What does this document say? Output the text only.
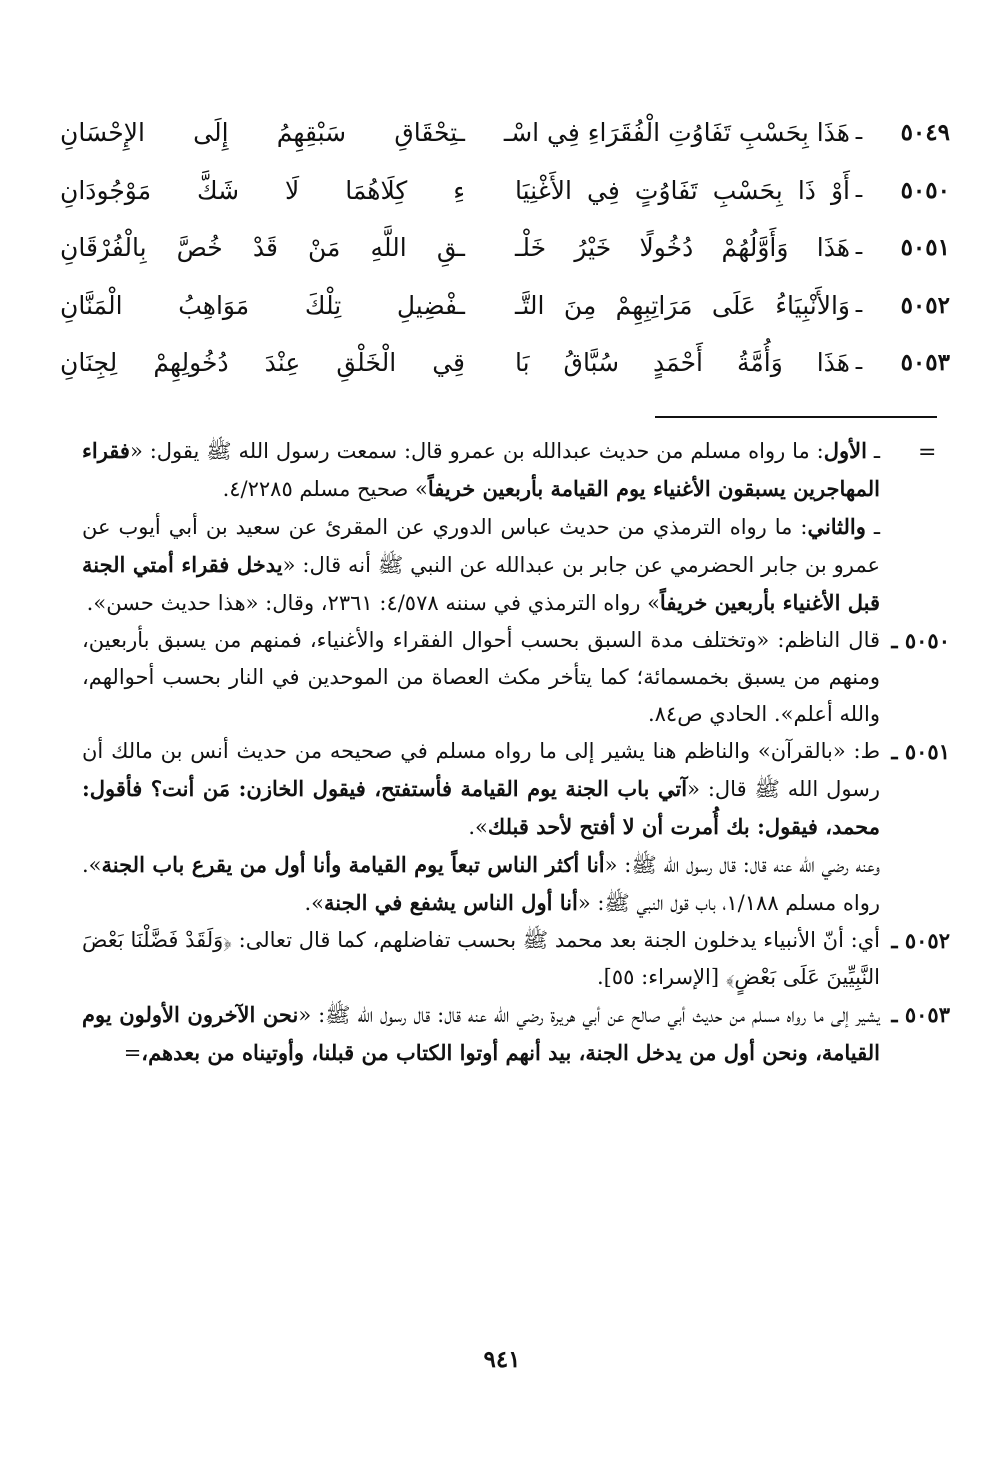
٥٠٤٩
ـ
هَذَا بِحَسْبِ تَفَاوُتِ الْفُقَرَاءِ فِي اسْـ
ـتِحْقَاقِ سَبْقِهِمُ إِلَى الإِحْسَانِ
٥٠٥٠
ـ
أَوْ ذَا بِحَسْبِ تَفَاوُتٍ فِي الأَغْنِيَا
ءِ كِلَاهُمَا لَا شَكَّ مَوْجُودَانِ
٥٠٥١
ـ
هَذَا وَأَوَّلُهُمْ دُخُولًا خَيْرُ خَلْـ
ـقِ اللَّهِ مَنْ قَدْ خُصَّ بِالْفُرْقَانِ
٥٠٥٢
ـ
وَالأَنْبِيَاءُ عَلَى مَرَاتِبِهِمْ مِنَ التَّـ
ـفْضِيلِ تِلْكَ مَوَاهِبُ الْمَنَّانِ
٥٠٥٣
ـ
هَذَا وَأُمَّةُ أَحْمَدٍ سُبَّاقُ بَا
قِي الْخَلْقِ عِنْدَ دُخُولِهِمْ لِجِنَانِ
=

ـ الأول: ما رواه مسلم من حديث عبدالله بن عمرو قال: سمعت رسول الله ﷺ يقول: «فقراء المهاجرين يسبقون الأغنياء يوم القيامة بأربعين خريفاً» صحيح مسلم ٤/٢٢٨٥.

ـ والثاني: ما رواه الترمذي من حديث عباس الدوري عن المقرئ عن سعيد بن أبي أيوب عن عمرو بن جابر الحضرمي عن جابر بن عبدالله عن النبي ﷺ أنه قال: «يدخل فقراء أمتي الجنة قبل الأغنياء بأربعين خريفاً» رواه الترمذي في سننه ٤/٥٧٨: ٢٣٦١، وقال: «هذا حديث حسن».

٥٠٥٠ ـ

قال الناظم: «وتختلف مدة السبق بحسب أحوال الفقراء والأغنياء، فمنهم من يسبق بأربعين، ومنهم من يسبق بخمسمائة؛ كما يتأخر مكث العصاة من الموحدين في النار بحسب أحوالهم، والله أعلم». الحادي ص٨٤.

٥٠٥١ ـ

ط: «بالقرآن» والناظم هنا يشير إلى ما رواه مسلم في صحيحه من حديث أنس بن مالك أن رسول الله ﷺ قال: «آتي باب الجنة يوم القيامة فأستفتح، فيقول الخازن: مَن أنت؟ فأقول: محمد، فيقول: بك أُمرت أن لا أفتح لأحد قبلك».

وعنه رضي الله عنه قال: قال رسول الله ﷺ: «أنا أكثر الناس تبعاً يوم القيامة وأنا أول من يقرع باب الجنة». رواه مسلم ١/١٨٨، باب قول النبي ﷺ: «أنا أول الناس يشفع في الجنة».

٥٠٥٢ ـ

أي: أنّ الأنبياء يدخلون الجنة بعد محمد ﷺ بحسب تفاضلهم، كما قال تعالى: ﴿وَلَقَدْ فَضَّلْنَا بَعْضَ النَّبِيِّينَ عَلَى بَعْضٍ﴾ [الإسراء: ٥٥].

٥٠٥٣ ـ

يشير إلى ما رواه مسلم من حديث أبي صالح عن أبي هريرة رضي الله عنه قال: قال رسول الله ﷺ: «نحن الآخرون الأولون يوم القيامة، ونحن أول من يدخل الجنة، بيد أنهم أوتوا الكتاب من قبلنا، وأوتيناه من بعدهم،=

٩٤١
